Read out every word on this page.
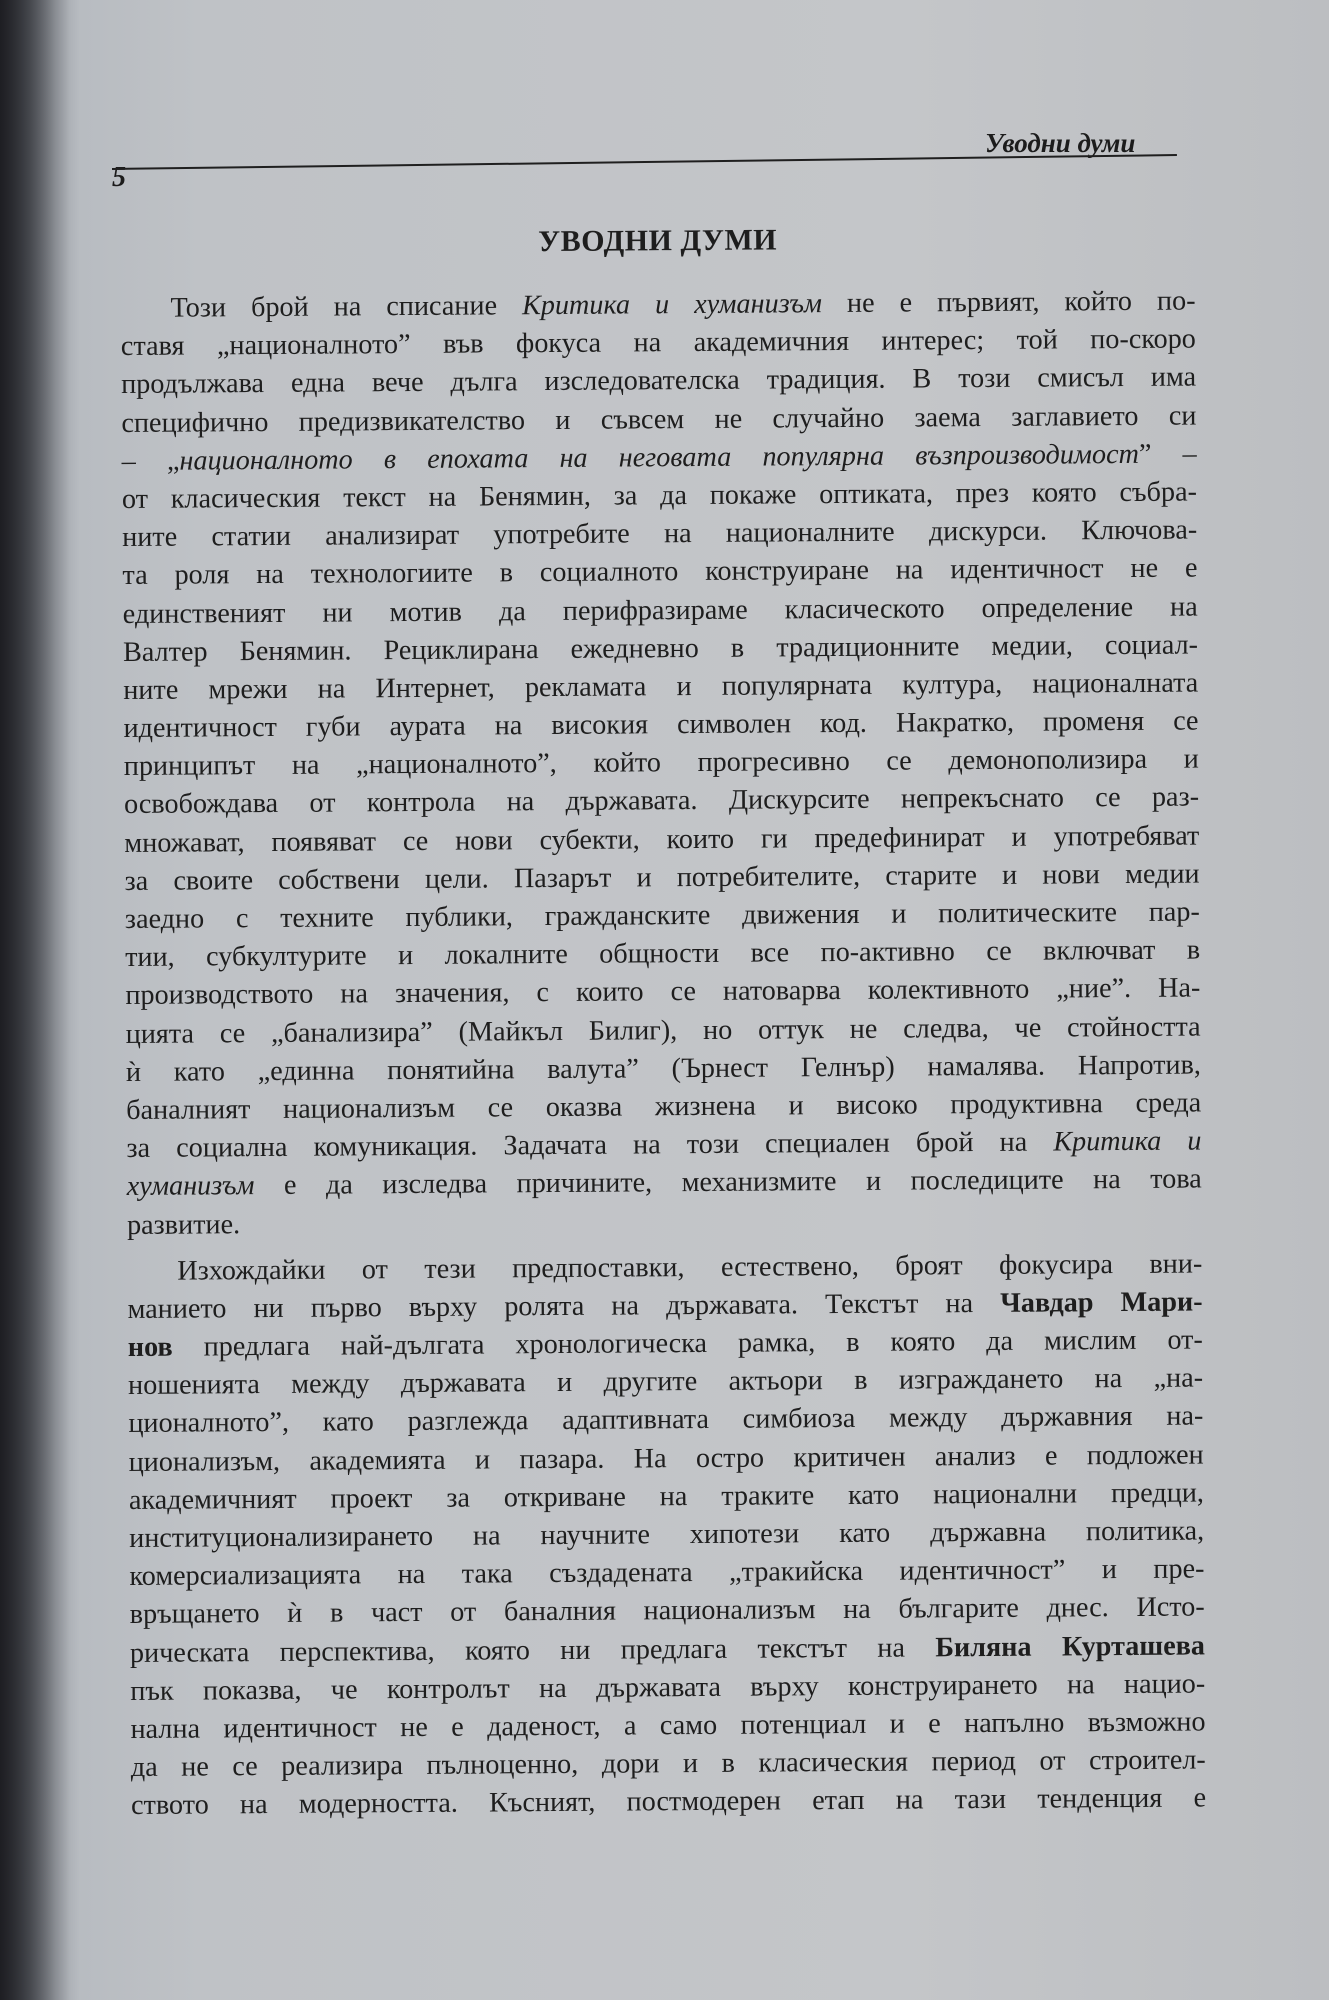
Уводни думи
5
УВОДНИ ДУМИ
Този брой на списание Критика и хуманизъм не е първият, който по-
ставя „националното” във фокуса на академичния интерес; той по-скоро
продължава една вече дълга изследователска традиция. В този смисъл има
специфично предизвикателство и съвсем не случайно заема заглавието си
– „националното в епохата на неговата популярна възпроизводимост” –
от класическия текст на Бенямин, за да покаже оптиката, през която събра-
ните статии анализират употребите на националните дискурси. Ключова-
та роля на технологиите в социалното конструиране на идентичност не е
единственият ни мотив да перифразираме класическото определение на
Валтер Бенямин. Рециклирана ежедневно в традиционните медии, социал-
ните мрежи на Интернет, рекламата и популярната култура, националната
идентичност губи аурата на високия символен код. Накратко, променя се
принципът на „националното”, който прогресивно се демонополизира и
освобождава от контрола на държавата. Дискурсите непрекъснато се раз-
множават, появяват се нови субекти, които ги предефинират и употребяват
за своите собствени цели. Пазарът и потребителите, старите и нови медии
заедно с техните публики, гражданските движения и политическите пар-
тии, субкултурите и локалните общности все по-активно се включват в
производството на значения, с които се натоварва колективното „ние”. На-
цията се „банализира” (Майкъл Билиг), но оттук не следва, че стойността
ѝ като „единна понятийна валута” (Ърнест Гелнър) намалява. Напротив,
баналният национализъм се оказва жизнена и високо продуктивна среда
за социална комуникация. Задачата на този специален брой на Критика и
хуманизъм е да изследва причините, механизмите и последиците на това
развитие.
Изхождайки от тези предпоставки, естествено, броят фокусира вни-
манието ни първо върху ролята на държавата. Текстът на Чавдар Мари-
нов предлага най-дългата хронологическа рамка, в която да мислим от-
ношенията между държавата и другите актьори в изграждането на „на-
ционалното”, като разглежда адаптивната симбиоза между държавния на-
ционализъм, академията и пазара. На остро критичен анализ е подложен
академичният проект за откриване на траките като национални предци,
институционализирането на научните хипотези като държавна политика,
комерсиализацията на така създадената „тракийска идентичност” и пре-
връщането ѝ в част от баналния национализъм на българите днес. Исто-
рическата перспектива, която ни предлага текстът на Биляна Курташева
пък показва, че контролът на държавата върху конструирането на нацио-
нална идентичност не е даденост, а само потенциал и е напълно възможно
да не се реализира пълноценно, дори и в класическия период от строител-
ството на модерността. Късният, постмодерен етап на тази тенденция е
